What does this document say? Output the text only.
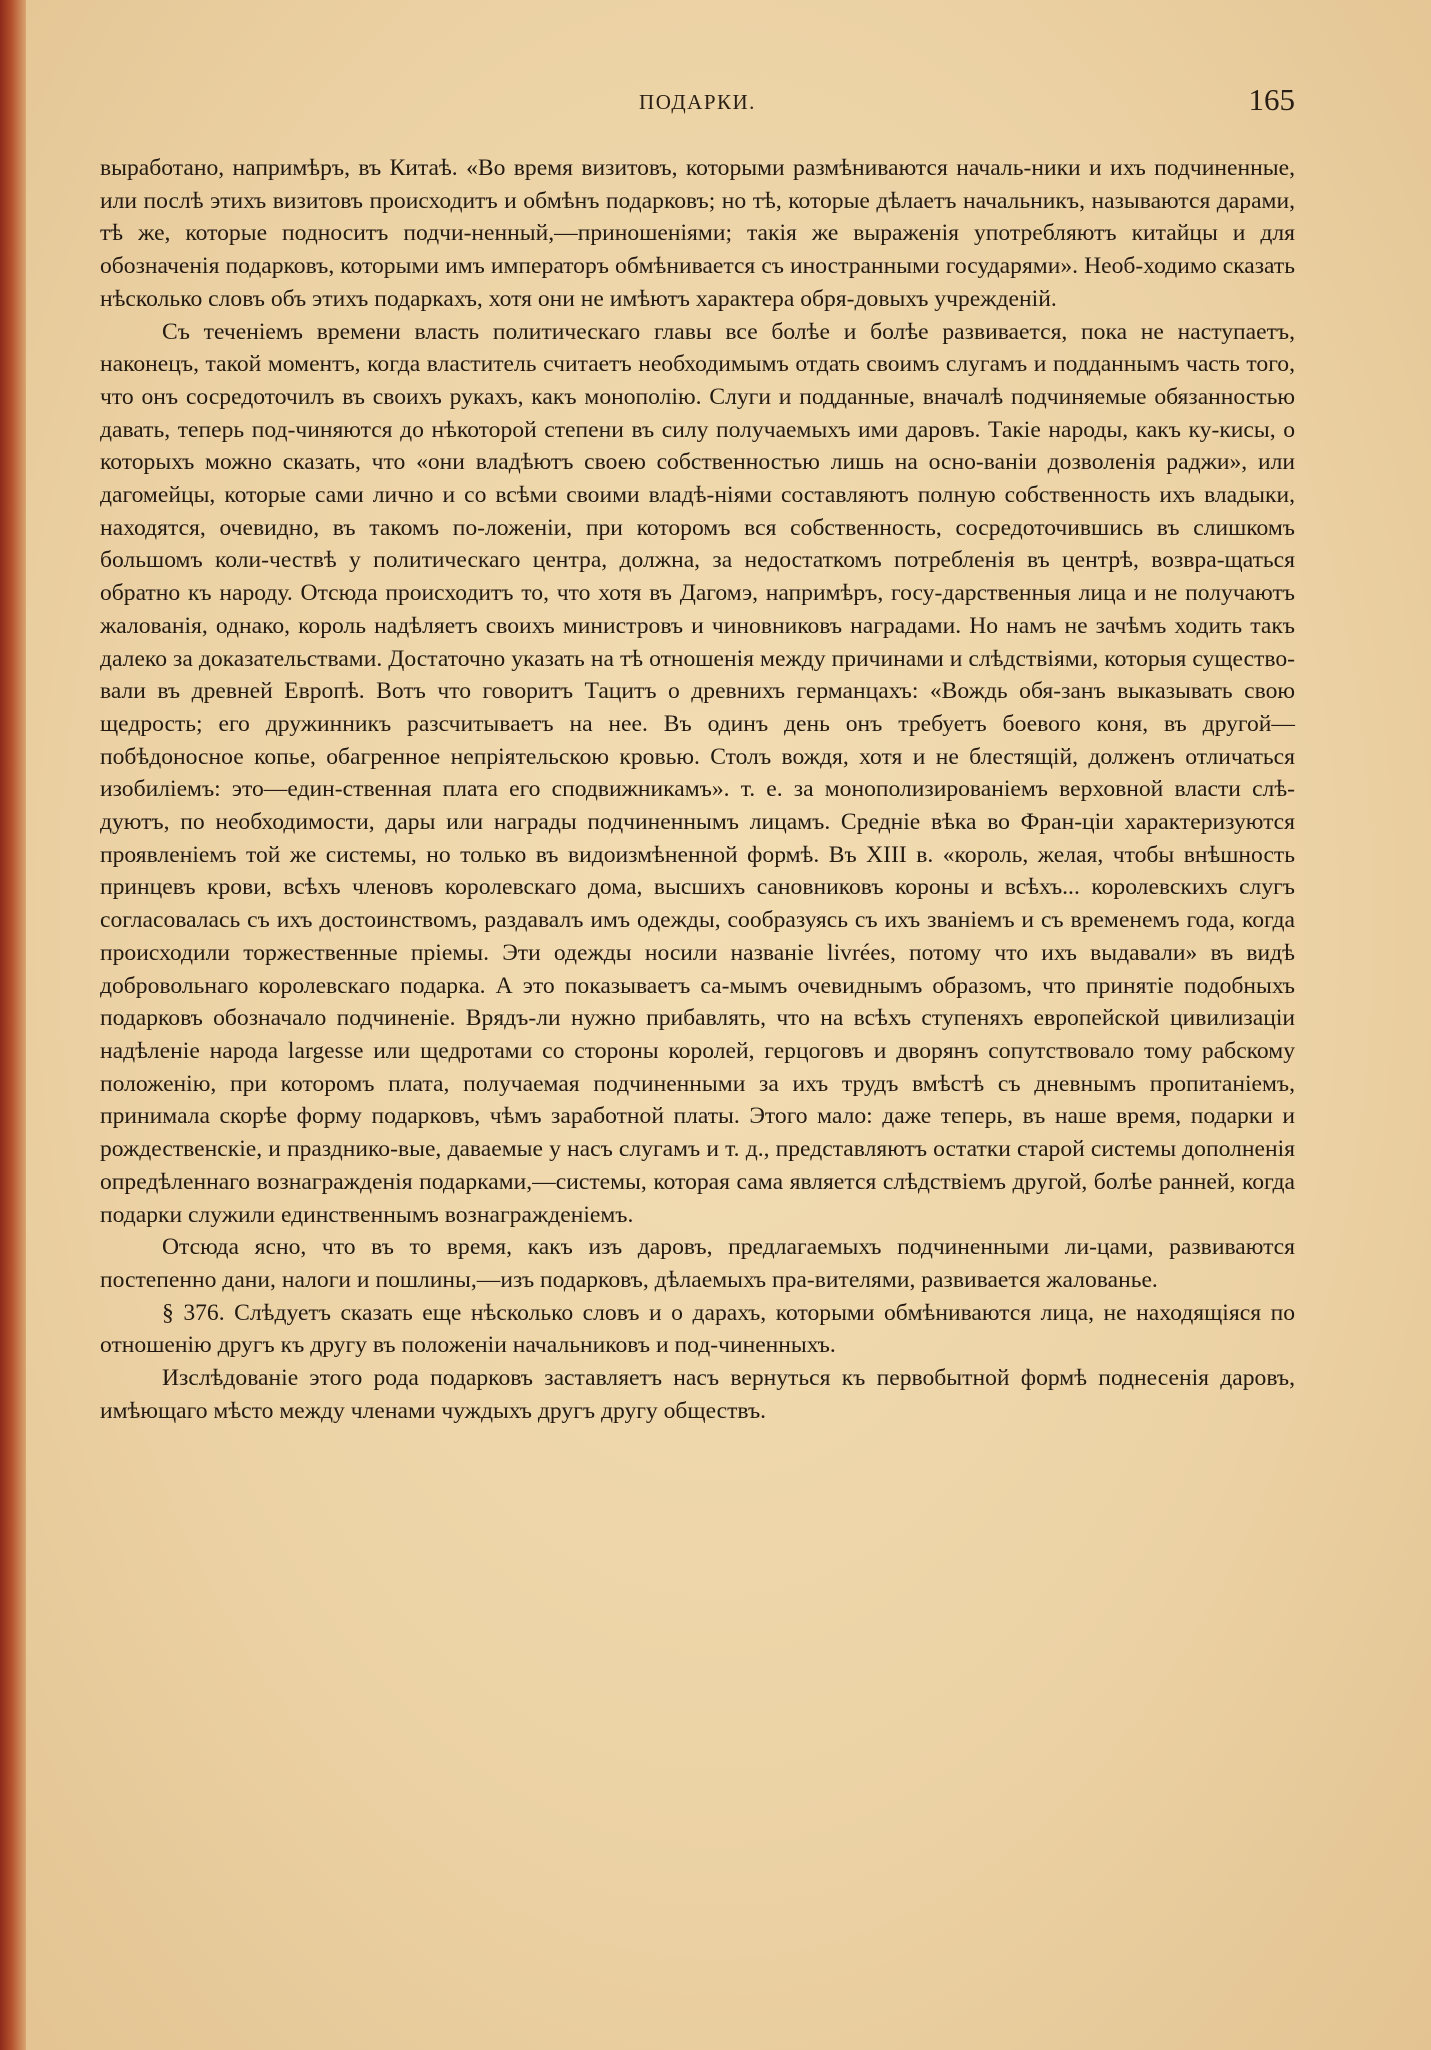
ПОДАРКИ.	165

выработано, напримѣръ, въ Китаѣ. «Во время визитовъ, которыми размѣниваются началь-ники и ихъ подчиненные, или послѣ этихъ визитовъ происходитъ и обмѣнъ подарковъ; но тѣ, которые дѣлаетъ начальникъ, называются дарами, тѣ же, которые подноситъ подчи-ненный,—приношеніями; такія же выраженія употребляютъ китайцы и для обозначенія подарковъ, которыми имъ императоръ обмѣнивается съ иностранными государями». Необ-ходимо сказать нѣсколько словъ объ этихъ подаркахъ, хотя они не имѣютъ характера обря-довыхъ учрежденій.

Съ теченіемъ времени власть политическаго главы все болѣе и болѣе развивается, пока не наступаетъ, наконецъ, такой моментъ, когда властитель считаетъ необходимымъ отдать своимъ слугамъ и подданнымъ часть того, что онъ сосредоточилъ въ своихъ рукахъ, какъ монополію. Слуги и подданные, вначалѣ подчиняемые обязанностью давать, теперь под-чиняются до нѣкоторой степени въ силу получаемыхъ ими даровъ. Такіе народы, какъ ку-кисы, о которыхъ можно сказать, что «они владѣютъ своею собственностью лишь на осно-ваніи дозволенія раджи», или дагомейцы, которые сами лично и со всѣми своими владѣ-ніями составляютъ полную собственность ихъ владыки, находятся, очевидно, въ такомъ по-ложеніи, при которомъ вся собственность, сосредоточившись въ слишкомъ большомъ коли-чествѣ у политическаго центра, должна, за недостаткомъ потребленія въ центрѣ, возвра-щаться обратно къ народу. Отсюда происходитъ то, что хотя въ Дагомэ, напримѣръ, госу-дарственныя лица и не получаютъ жалованія, однако, король надѣляетъ своихъ министровъ и чиновниковъ наградами. Но намъ не зачѣмъ ходить такъ далеко за доказательствами. Достаточно указать на тѣ отношенія между причинами и слѣдствіями, которыя существо-вали въ древней Европѣ. Вотъ что говоритъ Тацитъ о древнихъ германцахъ: «Вождь обя-занъ выказывать свою щедрость; его дружинникъ разсчитываетъ на нее. Въ одинъ день онъ требуетъ боевого коня, въ другой—побѣдоносное копье, обагренное непріятельскою кровью. Столъ вождя, хотя и не блестящій, долженъ отличаться изобиліемъ: это—един-ственная плата его сподвижникамъ». т. е. за монополизированіемъ верховной власти слѣ-дуютъ, по необходимости, дары или награды подчиненнымъ лицамъ. Средніе вѣка во Фран-ціи характеризуются проявленіемъ той же системы, но только въ видоизмѣненной формѣ. Въ XIII в. «король, желая, чтобы внѣшность принцевъ крови, всѣхъ членовъ королевскаго дома, высшихъ сановниковъ короны и всѣхъ... королевскихъ слугъ согласовалась съ ихъ достоинствомъ, раздавалъ имъ одежды, сообразуясь съ ихъ званіемъ и съ временемъ года, когда происходили торжественные пріемы. Эти одежды носили названіе livrées, потому что ихъ выдавали» въ видѣ добровольнаго королевскаго подарка. А это показываетъ са-мымъ очевиднымъ образомъ, что принятіе подобныхъ подарковъ обозначало подчиненіе. Врядъ-ли нужно прибавлять, что на всѣхъ ступеняхъ европейской цивилизаціи надѣленіе народа largesse или щедротами со стороны королей, герцоговъ и дворянъ сопутствовало тому рабскому положенію, при которомъ плата, получаемая подчиненными за ихъ трудъ вмѣстѣ съ дневнымъ пропитаніемъ, принимала скорѣе форму подарковъ, чѣмъ заработной платы. Этого мало: даже теперь, въ наше время, подарки и рождественскіе, и празднико-вые, даваемые у насъ слугамъ и т. д., представляютъ остатки старой системы дополненія опредѣленнаго вознагражденія подарками,—системы, которая сама является слѣдствіемъ другой, болѣе ранней, когда подарки служили единственнымъ вознагражденіемъ.

Отсюда ясно, что въ то время, какъ изъ даровъ, предлагаемыхъ подчиненными ли-цами, развиваются постепенно дани, налоги и пошлины,—изъ подарковъ, дѣлаемыхъ пра-вителями, развивается жалованье.

§ 376. Слѣдуетъ сказать еще нѣсколько словъ и о дарахъ, которыми обмѣниваются лица, не находящіяся по отношенію другъ къ другу въ положеніи начальниковъ и под-чиненныхъ.

Изслѣдованіе этого рода подарковъ заставляетъ насъ вернуться къ первобытной формѣ поднесенія даровъ, имѣющаго мѣсто между членами чуждыхъ другъ другу обществъ.
